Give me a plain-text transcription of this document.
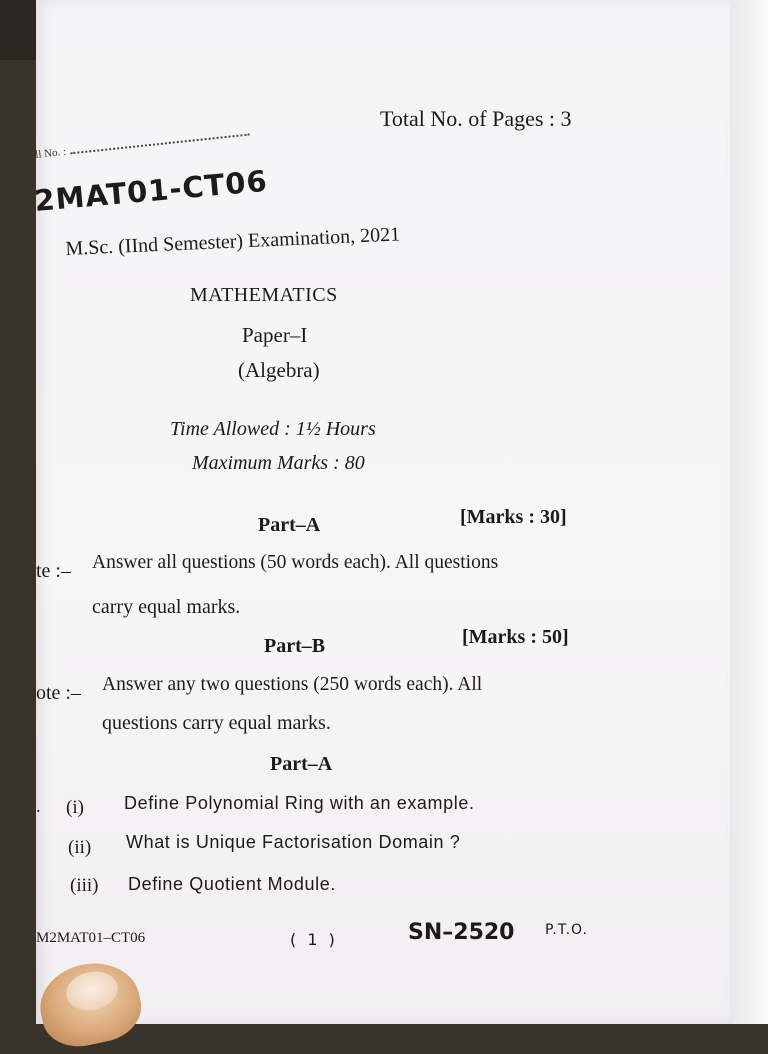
ll No. :
Total No. of Pages : 3
2MAT01-CT06
M.Sc. (IInd Semester) Examination, 2021
MATHEMATICS
Paper–I
(Algebra)
Time Allowed : 1½ Hours
Maximum Marks : 80
Part–A	[Marks : 30]
te :– Answer all questions (50 words each). All questions
carry equal marks.
Part–B	[Marks : 50]
ote :– Answer any two questions (250 words each). All
questions carry equal marks.
Part–A
. (i) Define Polynomial Ring with an example.
(ii) What is Unique Factorisation Domain ?
(iii) Define Quotient Module.
M2MAT01–CT06	( 1 )	SN–2520 P.T.O.
